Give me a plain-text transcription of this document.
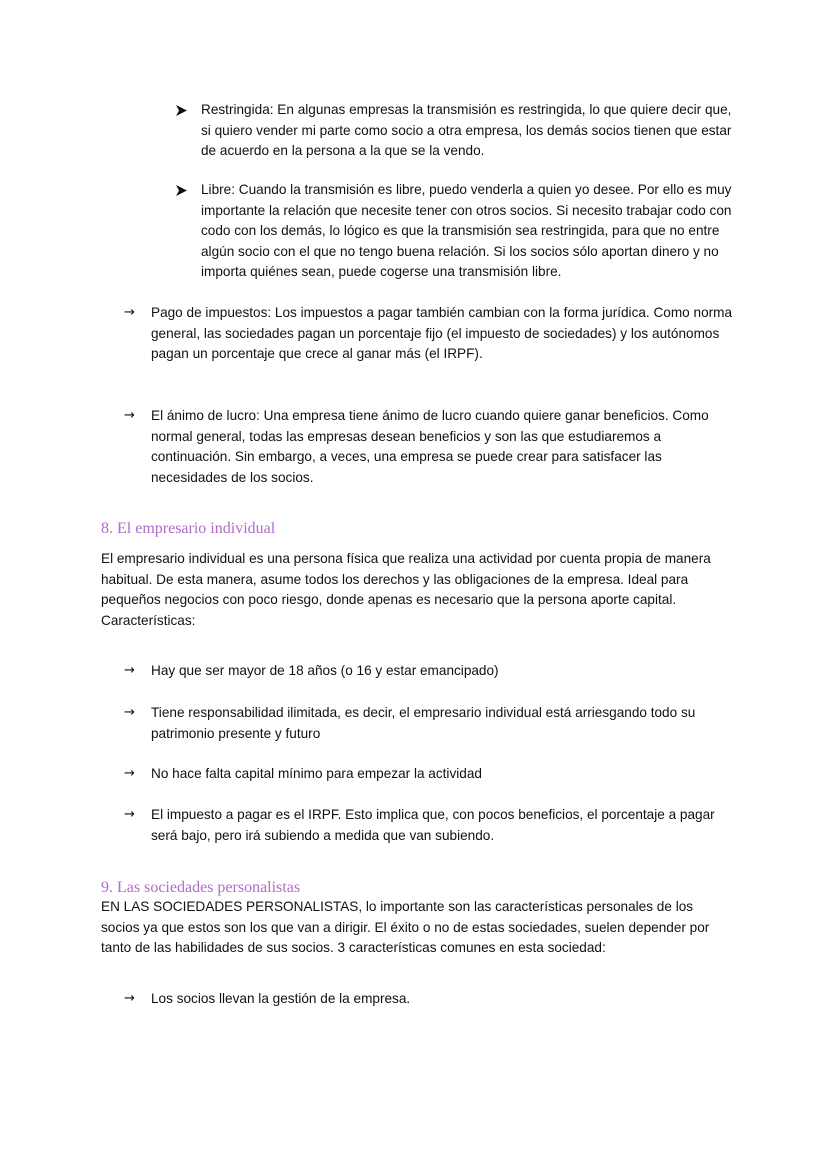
Restringida: En algunas empresas la transmisión es restringida, lo que quiere decir que, si quiero vender mi parte como socio a otra empresa, los demás socios tienen que estar de acuerdo en la persona a la que se la vendo.
Libre: Cuando la transmisión es libre, puedo venderla a quien yo desee. Por ello es muy importante la relación que necesite tener con otros socios. Si necesito trabajar codo con codo con los demás, lo lógico es que la transmisión sea restringida, para que no entre algún socio con el que no tengo buena relación. Si los socios sólo aportan dinero y no importa quiénes sean, puede cogerse una transmisión libre.
→	Pago de impuestos: Los impuestos a pagar también cambian con la forma jurídica. Como norma general, las sociedades pagan un porcentaje fijo (el impuesto de sociedades) y los autónomos pagan un porcentaje que crece al ganar más (el IRPF).
→	El ánimo de lucro: Una empresa tiene ánimo de lucro cuando quiere ganar beneficios. Como normal general, todas las empresas desean beneficios y son las que estudiaremos a continuación. Sin embargo, a veces, una empresa se puede crear para satisfacer las necesidades de los socios.
8. El empresario individual
El empresario individual es una persona física que realiza una actividad por cuenta propia de manera habitual. De esta manera, asume todos los derechos y las obligaciones de la empresa. Ideal para pequeños negocios con poco riesgo, donde apenas es necesario que la persona aporte capital. Características:
→	Hay que ser mayor de 18 años (o 16 y estar emancipado)
→	Tiene responsabilidad ilimitada, es decir, el empresario individual está arriesgando todo su patrimonio presente y futuro
→	No hace falta capital mínimo para empezar la actividad
→	El impuesto a pagar es el IRPF. Esto implica que, con pocos beneficios, el porcentaje a pagar será bajo, pero irá subiendo a medida que van subiendo.
9. Las sociedades personalistas
EN LAS SOCIEDADES PERSONALISTAS, lo importante son las características personales de los socios ya que estos son los que van a dirigir. El éxito o no de estas sociedades, suelen depender por tanto de las habilidades de sus socios. 3 características comunes en esta sociedad:
→	Los socios llevan la gestión de la empresa.
